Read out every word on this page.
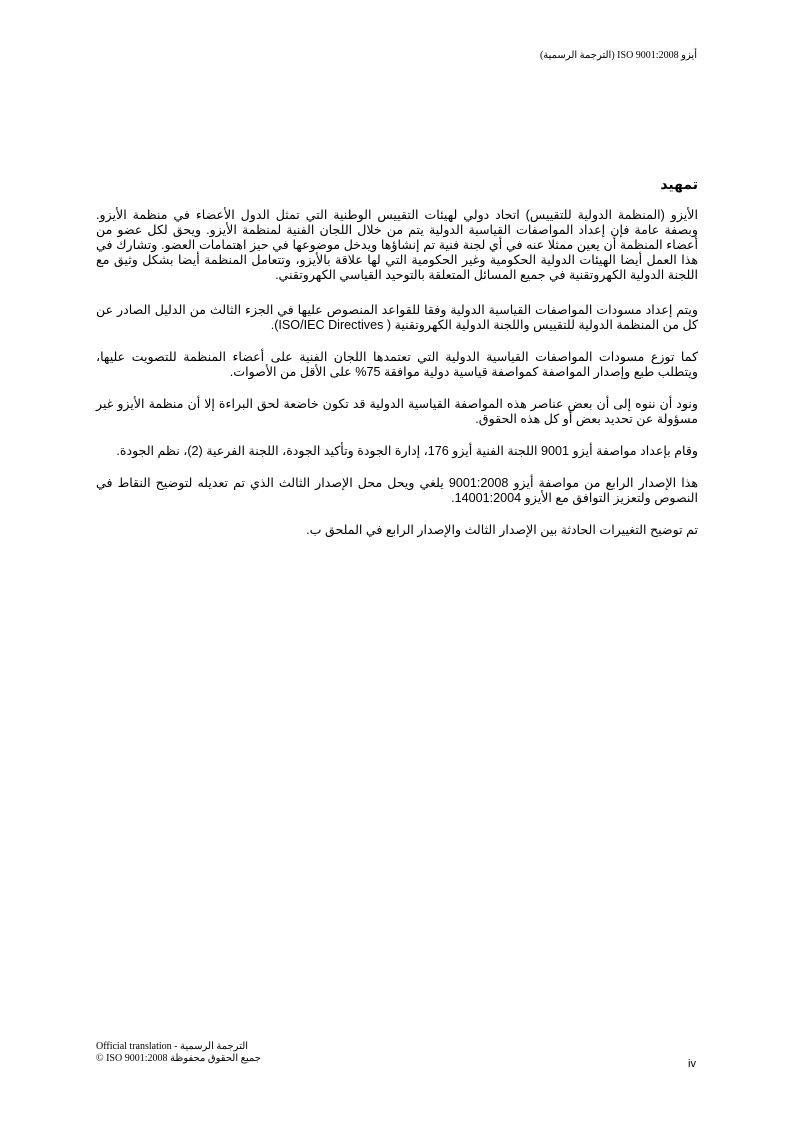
أيزو ISO 9001:2008 (الترجمة الرسمية)
تمهيد

الأيزو (المنظمة الدولية للتقييس) اتحاد دولي لهيئات التقييس الوطنية التي تمثل الدول الأعضاء في منظمة الأيزو. وبصفة عامة فإن إعداد المواصفات القياسية الدولية يتم من خلال اللجان الفنية لمنظمة الأيزو. ويحق لكل عضو من أعضاء المنظمة أن يعين ممثلا عنه في أي لجنة فنية تم إنشاؤها ويدخل موضوعها في حيز اهتمامات العضو. وتشارك في هذا العمل أيضا الهيئات الدولية الحكومية وغير الحكومية التي لها علاقة بالأيزو، وتتعامل المنظمة أيضا بشكل وثيق مع اللجنة الدولية الكهروتقنية في جميع المسائل المتعلقة بالتوحيد القياسي الكهروتقني.

ويتم إعداد مسودات المواصفات القياسية الدولية وفقا للقواعد المنصوص عليها في الجزء الثالث من الدليل الصادر عن كل من المنظمة الدولية للتقييس واللجنة الدولية الكهروتقنية ( ISO/IEC Directives).

كما توزع مسودات المواصفات القياسية الدولية التي تعتمدها اللجان الفنية على أعضاء المنظمة للتصويت عليها، ويتطلب طبع وإصدار المواصفة كمواصفة قياسية دولية موافقة 75% على الأقل من الأصوات.

ونود أن ننوه إلى أن بعض عناصر هذه المواصفة القياسية الدولية قد تكون خاضعة لحق البراءة إلا أن منظمة الأيزو غير مسؤولة عن تحديد بعض أو كل هذه الحقوق.

وقام بإعداد مواصفة أيزو 9001 اللجنة الفنية أيزو 176، إدارة الجودة وتأكيد الجودة، اللجنة الفرعية (2)، نظم الجودة.

هذا الإصدار الرابع من مواصفة أيزو 9001:2008 يلغي ويحل محل الإصدار الثالث الذي تم تعديله لتوضيح النقاط في النصوص ولتعزيز التوافق مع الأيزو 14001:2004.

تم توضيح التغييرات الحادثة بين الإصدار الثالث والإصدار الرابع في الملحق ب.

Official translation - الترجمة الرسمية
© ISO 9001:2008 جميع الحقوق محفوظة	iv
